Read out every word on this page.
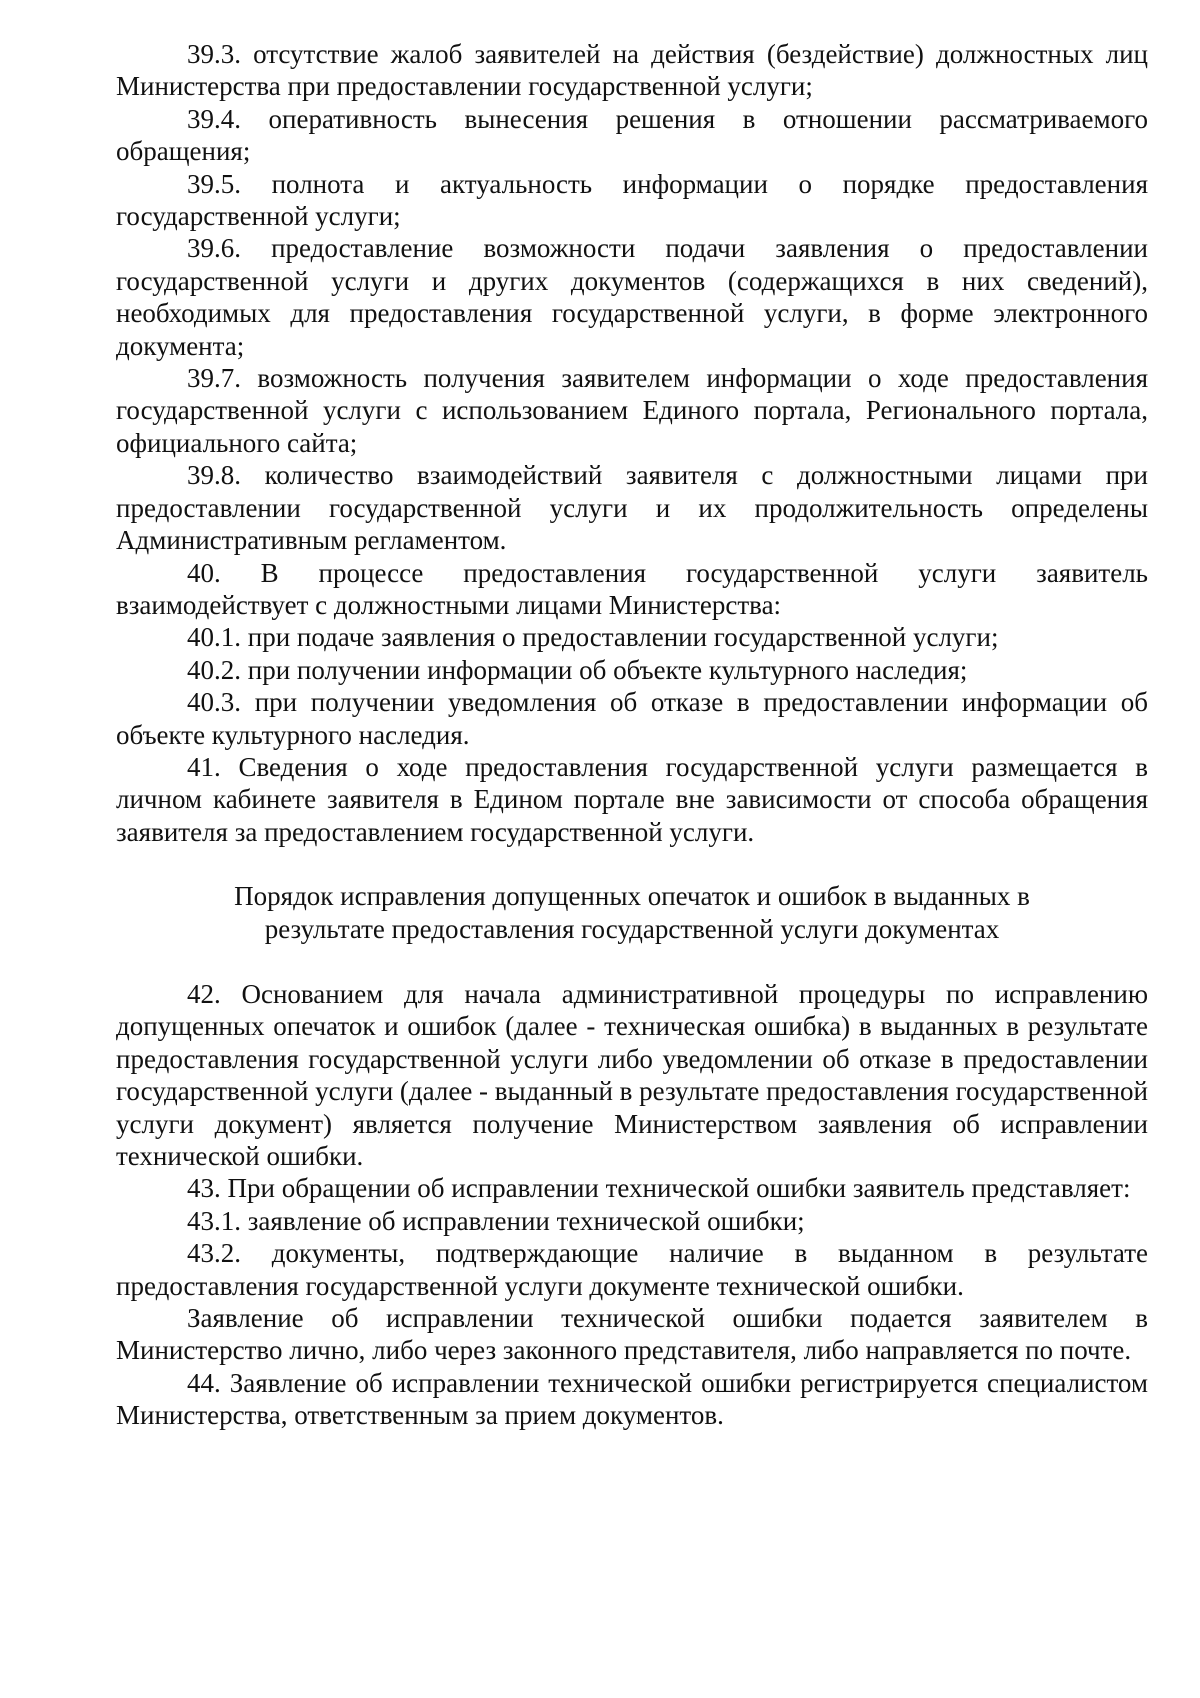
39.3. отсутствие жалоб заявителей на действия (бездействие) должностных лиц Министерства при предоставлении государственной услуги;

39.4. оперативность вынесения решения в отношении рассматриваемого обращения;

39.5. полнота и актуальность информации о порядке предоставления государственной услуги;

39.6. предоставление возможности подачи заявления о предоставлении государственной услуги и других документов (содержащихся в них сведений), необходимых для предоставления государственной услуги, в форме электронного документа;

39.7. возможность получения заявителем информации о ходе предоставления государственной услуги с использованием Единого портала, Регионального портала, официального сайта;

39.8. количество взаимодействий заявителя с должностными лицами при предоставлении государственной услуги и их продолжительность определены Административным регламентом.

40. В процессе предоставления государственной услуги заявитель взаимодействует с должностными лицами Министерства:

40.1. при подаче заявления о предоставлении государственной услуги;

40.2. при получении информации об объекте культурного наследия;

40.3. при получении уведомления об отказе в предоставлении информации об объекте культурного наследия.

41. Сведения о ходе предоставления государственной услуги размещается в личном кабинете заявителя в Едином портале вне зависимости от способа обращения заявителя за предоставлением государственной услуги.

Порядок исправления допущенных опечаток и ошибок в выданных в результате предоставления государственной услуги документах

42. Основанием для начала административной процедуры по исправлению допущенных опечаток и ошибок (далее - техническая ошибка) в выданных в результате предоставления государственной услуги либо уведомлении об отказе в предоставлении государственной услуги (далее - выданный в результате предоставления государственной услуги документ) является получение Министерством заявления об исправлении технической ошибки.

43. При обращении об исправлении технической ошибки заявитель представляет:

43.1. заявление об исправлении технической ошибки;

43.2. документы, подтверждающие наличие в выданном в результате предоставления государственной услуги документе технической ошибки.

Заявление об исправлении технической ошибки подается заявителем в Министерство лично, либо через законного представителя, либо направляется по почте.

44. Заявление об исправлении технической ошибки регистрируется специалистом Министерства, ответственным за прием документов.
